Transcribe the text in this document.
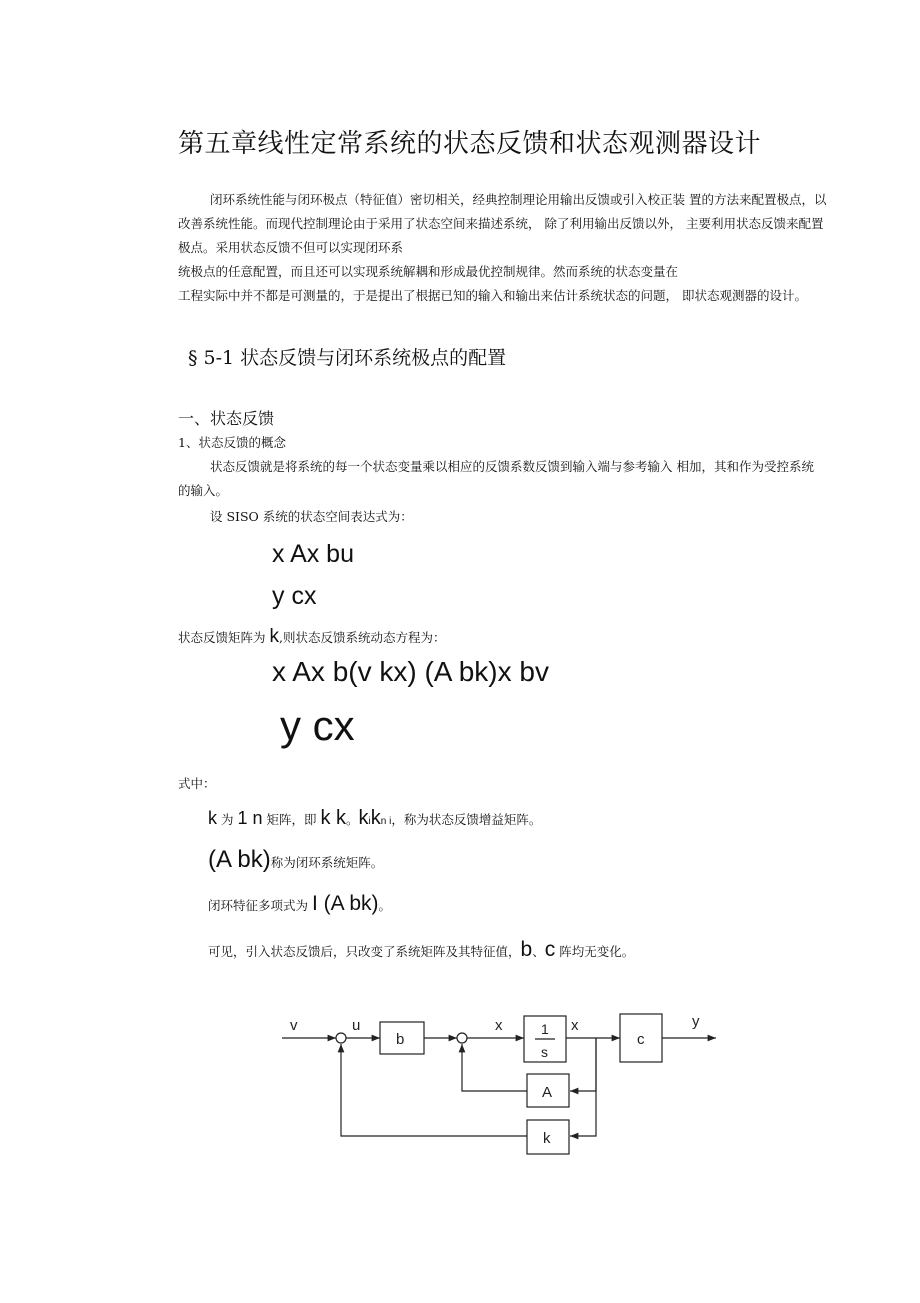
第五章线性定常系统的状态反馈和状态观测器设计
闭环系统性能与闭环极点（特征值）密切相关，经典控制理论用输出反馈或引入校正装 置的方法来配置极点，以
改善系统性能。而现代控制理论由于采用了状态空间来描述系统， 除了利用输出反馈以外， 主要利用状态反馈来配置
极点。采用状态反馈不但可以实现闭环系
统极点的任意配置，而且还可以实现系统解耦和形成最优控制规律。然而系统的状态变量在
工程实际中并不都是可测量的，于是提出了根据已知的输入和输出来估计系统状态的问题， 即状态观测器的设计。
§ 5-1 状态反馈与闭环系统极点的配置
一、状态反馈
1、状态反馈的概念
状态反馈就是将系统的每一个状态变量乘以相应的反馈系数反馈到输入端与参考输入 相加，其和作为受控系统
的输入。
设 SISO 系统的状态空间表达式为：
x Ax bu
y cx
状态反馈矩阵为 k,则状态反馈系统动态方程为：
x Ax b(v kx) (A bk)x bv
y cx
式中：
k 为 1 n 矩阵，即 k k。kikn i，称为状态反馈增益矩阵。
(A bk)称为闭环系统矩阵。
闭环特征多项式为 I (A bk)。
可见，引入状态反馈后，只改变了系统矩阵及其特征值，b、c 阵均无变化。
v	u
b
x	1
s
x
c
y
A
k
